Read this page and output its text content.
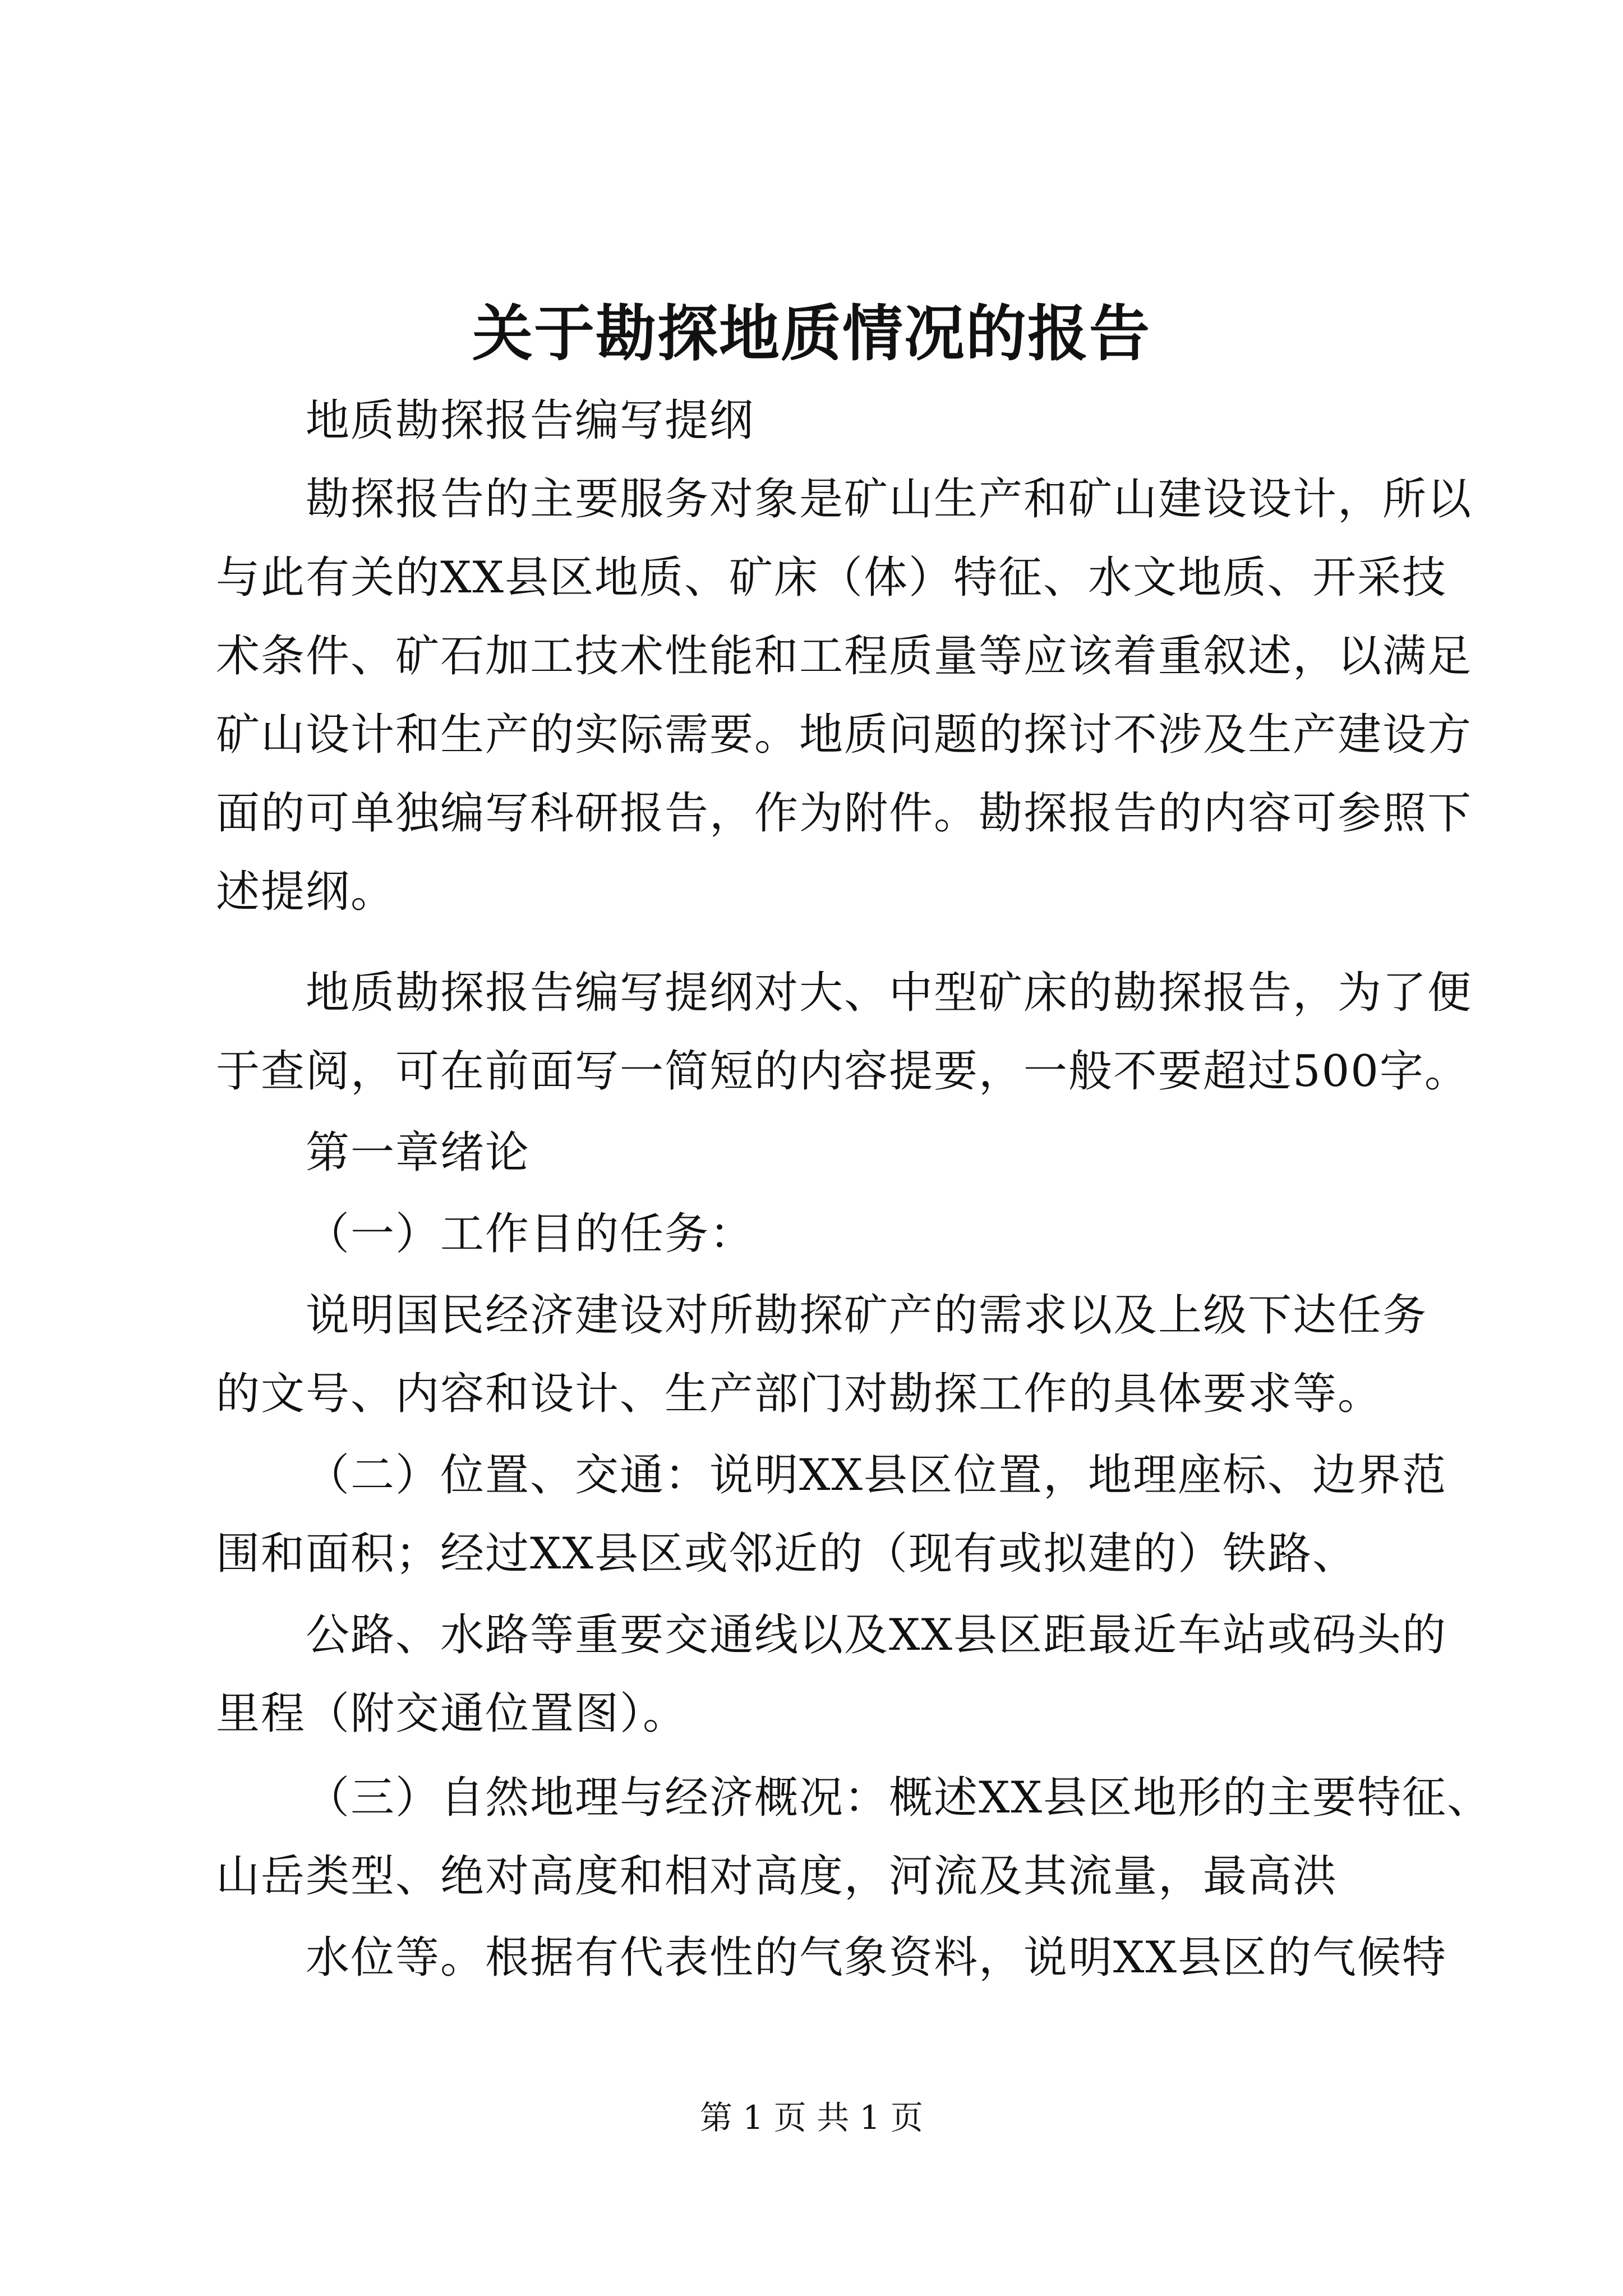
关于勘探地质情况的报告
地质勘探报告编写提纲
勘探报告的主要服务对象是矿山生产和矿山建设设计，所以
与此有关的XX县区地质、矿床（体）特征、水文地质、开采技
术条件、矿石加工技术性能和工程质量等应该着重叙述，以满足
矿山设计和生产的实际需要。地质问题的探讨不涉及生产建设方
面的可单独编写科研报告，作为附件。勘探报告的内容可参照下
述提纲。
地质勘探报告编写提纲对大、中型矿床的勘探报告，为了便
于查阅，可在前面写一简短的内容提要，一般不要超过500字。
第一章绪论
（一）工作目的任务：
说明国民经济建设对所勘探矿产的需求以及上级下达任务
的文号、内容和设计、生产部门对勘探工作的具体要求等。
（二）位置、交通：说明XX县区位置，地理座标、边界范
围和面积；经过XX县区或邻近的（现有或拟建的）铁路、
公路、水路等重要交通线以及XX县区距最近车站或码头的
里程（附交通位置图）。
（三）自然地理与经济概况：概述XX县区地形的主要特征、
山岳类型、绝对高度和相对高度，河流及其流量，最高洪
水位等。根据有代表性的气象资料，说明XX县区的气候特
第 1 页 共 1 页
